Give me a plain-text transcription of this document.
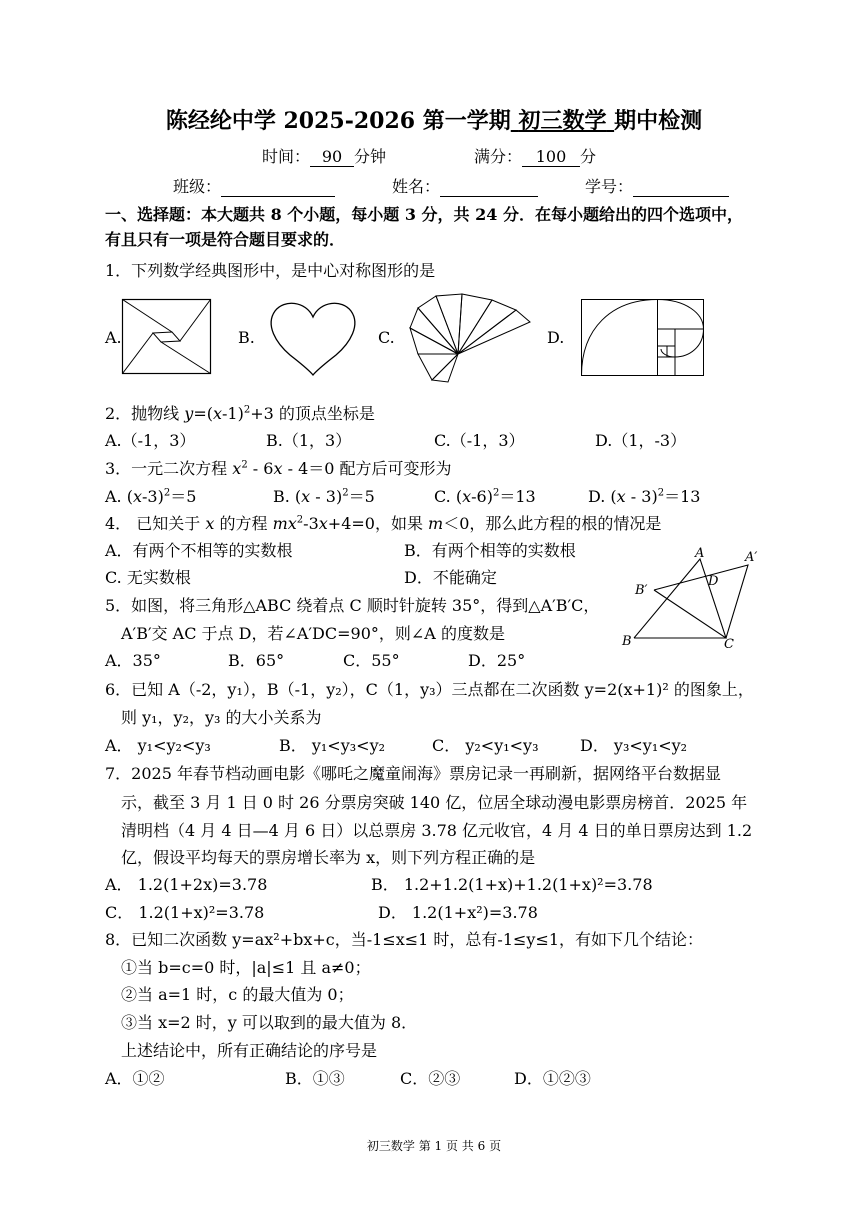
陈经纶中学 2025-2026 第一学期 初三数学 期中检测
时间： 90 分钟	满分： 100 分
班级：	姓名：	学号：
一、选择题：本大题共 8 个小题，每小题 3 分，共 24 分．在每小题给出的四个选项中，
有且只有一项是符合题目要求的．
1．下列数学经典图形中，是中心对称图形的是
A.	B.	C.	D.
2．抛物线 $y=(x-1)^2+3$ 的顶点坐标是
A.（-1，3）	B.（1，3）	C.（-1，3）	D.（1，-3）
3．一元二次方程 $x^2 - 6x - 4=0$ 配方后可变形为
A. $(x-3)^2=5$	B. (x - 3)$^2$＝5	C. $(x-6)^2=13$	D. (x - 3)$^2$＝13
4． 已知关于 x 的方程 $mx^2-3x+4=0$，如果 m＜0，那么此方程的根的情况是
A．有两个不相等的实数根	B．有两个相等的实数根
C. 无实数根	D．不能确定
A	A′
B′
D
B	C
5．如图，将三角形△ABC 绕着点 C 顺时针旋转 35°，得到△A′B′C，
A′B′交 AC 于点 D，若∠A′DC=90°，则∠A 的度数是
A．35°	B．65°	C．55°	D．25°
6．已知 A（-2，y₁），B（-1，y₂），C（1，y₃）三点都在二次函数 y=2(x+1)² 的图象上，
则 y₁，y₂，y₃ 的大小关系为
A． y₁<y₂<y₃	B． y₁<y₃<y₂	C． y₂<y₁<y₃	D． y₃<y₁<y₂
7．2025 年春节档动画电影《哪吒之魔童闹海》票房记录一再刷新，据网络平台数据显
示，截至 3 月 1 日 0 时 26 分票房突破 140 亿，位居全球动漫电影票房榜首．2025 年
清明档（4 月 4 日—4 月 6 日）以总票房 3.78 亿元收官，4 月 4 日的单日票房达到 1.2
亿，假设平均每天的票房增长率为 x，则下列方程正确的是
A． 1.2(1+2x)=3.78	B． 1.2+1.2(1+x)+1.2(1+x)²=3.78
C． 1.2(1+x)²=3.78	D． 1.2(1+x²)=3.78
8．已知二次函数 y=ax²+bx+c，当-1≤x≤1 时，总有-1≤y≤1，有如下几个结论：
①当 b=c=0 时，|a|≤1 且 a≠0；
②当 a=1 时，c 的最大值为 0；
③当 x=2 时，y 可以取到的最大值为 8．
上述结论中，所有正确结论的序号是
A．①②	B．①③	C．②③	D．①②③
初三数学 第 1 页 共 6 页
